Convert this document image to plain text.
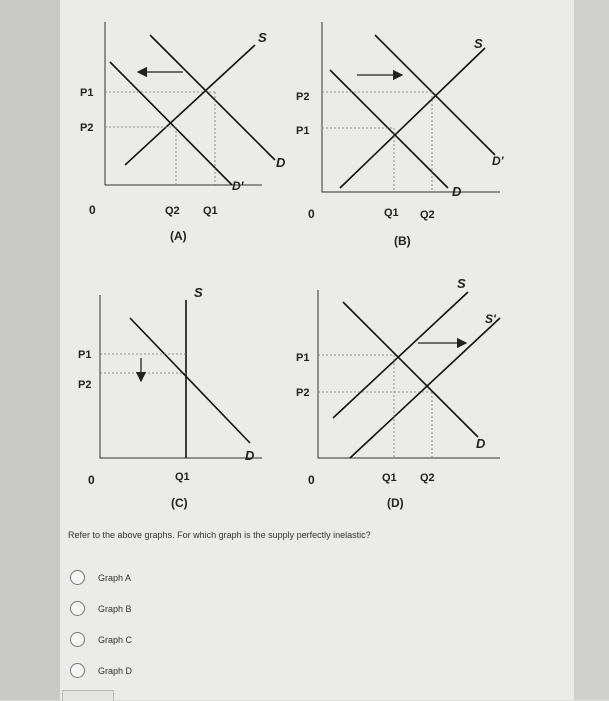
S
D
D'
P1
P2
0	Q2 Q1
(A)
S
D
D'
P2
P1
0	Q1 Q2
(B)
S
D
P1
P2
0	Q1
(C)
S
S'
D
P1
P2
0	Q1 Q2
(D)
Refer to the above graphs. For which graph is the supply perfectly inelastic?
Graph A
Graph B
Graph C
Graph D
